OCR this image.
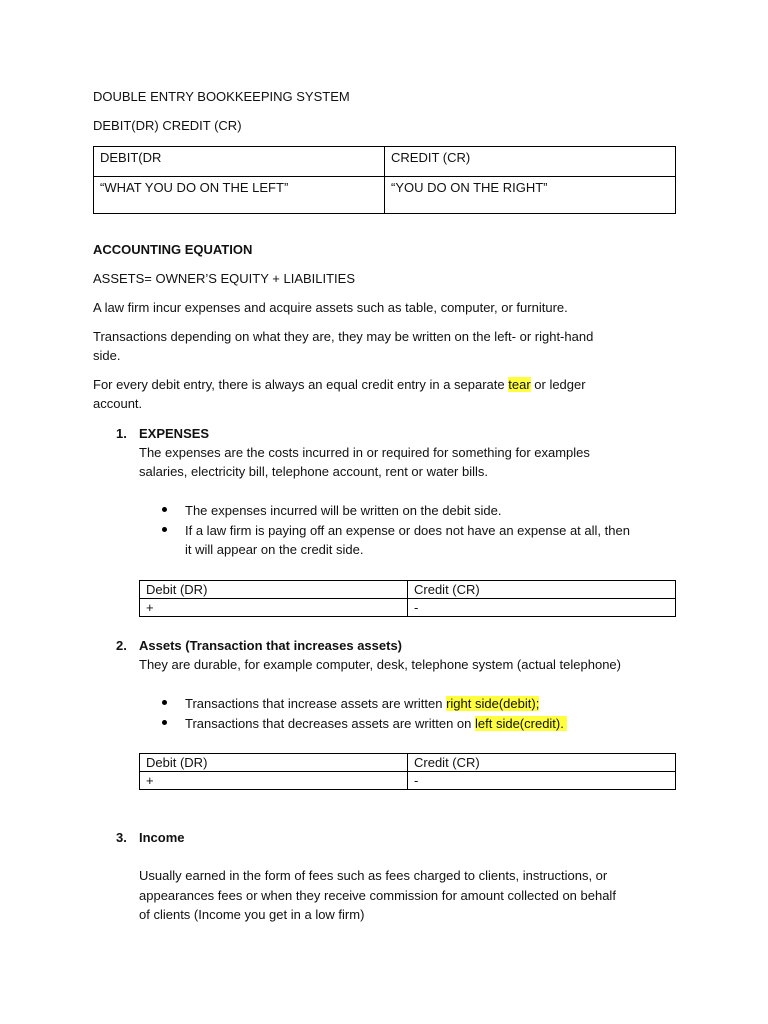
DOUBLE ENTRY BOOKKEEPING SYSTEM

DEBIT(DR) CREDIT (CR)

DEBIT(DR	CREDIT (CR)
“WHAT YOU DO ON THE LEFT”	“YOU DO ON THE RIGHT”

ACCOUNTING EQUATION

ASSETS= OWNER’S EQUITY + LIABILITIES

A law firm incur expenses and acquire assets such as table, computer, or furniture.

Transactions depending on what they are, they may be written on the left- or right-hand

side.

For every debit entry, there is always an equal credit entry in a separate tear or ledger

account.

1. EXPENSES

The expenses are the costs incurred in or required for something for examples

salaries, electricity bill, telephone account, rent or water bills.

The expenses incurred will be written on the debit side.

If a law firm is paying off an expense or does not have an expense at all, then

it will appear on the credit side.

Debit (DR)	Credit (CR)
+	-

2. Assets (Transaction that increases assets)

They are durable, for example computer, desk, telephone system (actual telephone)

Transactions that increase assets are written right side(debit);

Transactions that decreases assets are written on left side(credit).

Debit (DR)	Credit (CR)
+	-

3. Income

Usually earned in the form of fees such as fees charged to clients, instructions, or

appearances fees or when they receive commission for amount collected on behalf

of clients (Income you get in a low firm)
